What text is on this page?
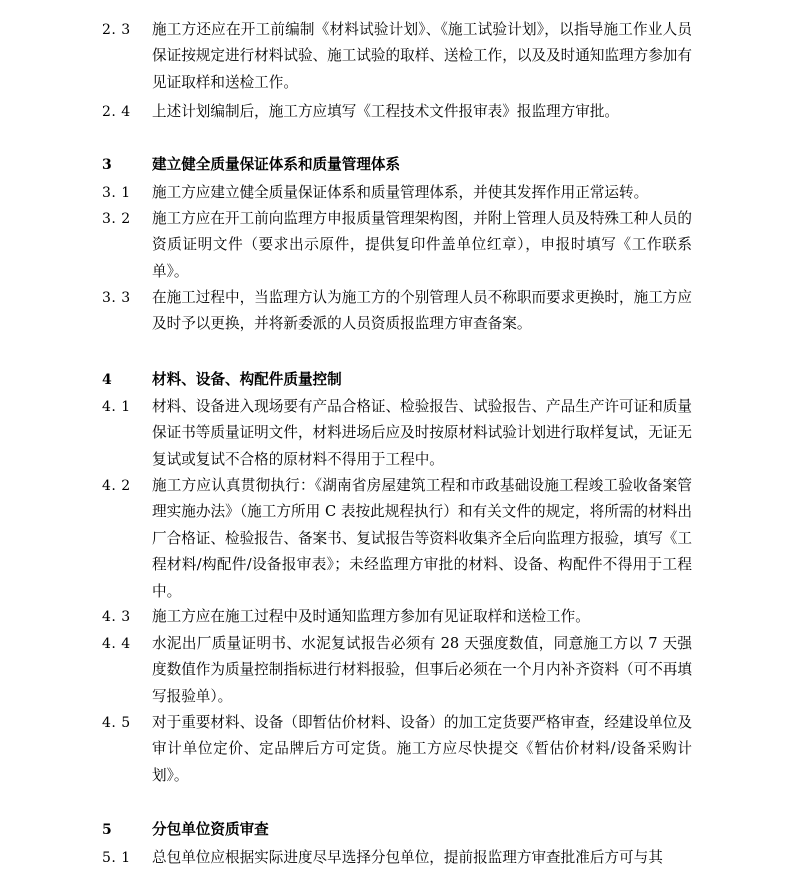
2. 3 施工方还应在开工前编制《材料试验计划》、《施工试验计划》，以指导施工作业人员保证按规定进行材料试验、施工试验的取样、送检工作，以及及时通知监理方参加有见证取样和送检工作。
2. 4 上述计划编制后，施工方应填写《工程技术文件报审表》报监理方审批。
3	建立健全质量保证体系和质量管理体系
3. 1 施工方应建立健全质量保证体系和质量管理体系，并使其发挥作用正常运转。
3. 2 施工方应在开工前向监理方申报质量管理架构图，并附上管理人员及特殊工种人员的资质证明文件（要求出示原件，提供复印件盖单位红章），申报时填写《工作联系单》。
3. 3 在施工过程中，当监理方认为施工方的个别管理人员不称职而要求更换时，施工方应及时予以更换，并将新委派的人员资质报监理方审查备案。
4	材料、设备、构配件质量控制
4. 1 材料、设备进入现场要有产品合格证、检验报告、试验报告、产品生产许可证和质量保证书等质量证明文件，材料进场后应及时按原材料试验计划进行取样复试，无证无复试或复试不合格的原材料不得用于工程中。
4. 2 施工方应认真贯彻执行：《湖南省房屋建筑工程和市政基础设施工程竣工验收备案管理实施办法》（施工方所用 C 表按此规程执行）和有关文件的规定，将所需的材料出厂合格证、检验报告、备案书、复试报告等资料收集齐全后向监理方报验，填写《工程材料/构配件/设备报审表》；未经监理方审批的材料、设备、构配件不得用于工程中。
4. 3 施工方应在施工过程中及时通知监理方参加有见证取样和送检工作。
4. 4 水泥出厂质量证明书、水泥复试报告必须有 28 天强度数值，同意施工方以 7 天强度数值作为质量控制指标进行材料报验，但事后必须在一个月内补齐资料（可不再填写报验单）。
4. 5 对于重要材料、设备（即暂估价材料、设备）的加工定货要严格审查，经建设单位及审计单位定价、定品牌后方可定货。施工方应尽快提交《暂估价材料/设备采购计划》。
5	分包单位资质审查
5. 1 总包单位应根据实际进度尽早选择分包单位，提前报监理方审查批准后方可与其
